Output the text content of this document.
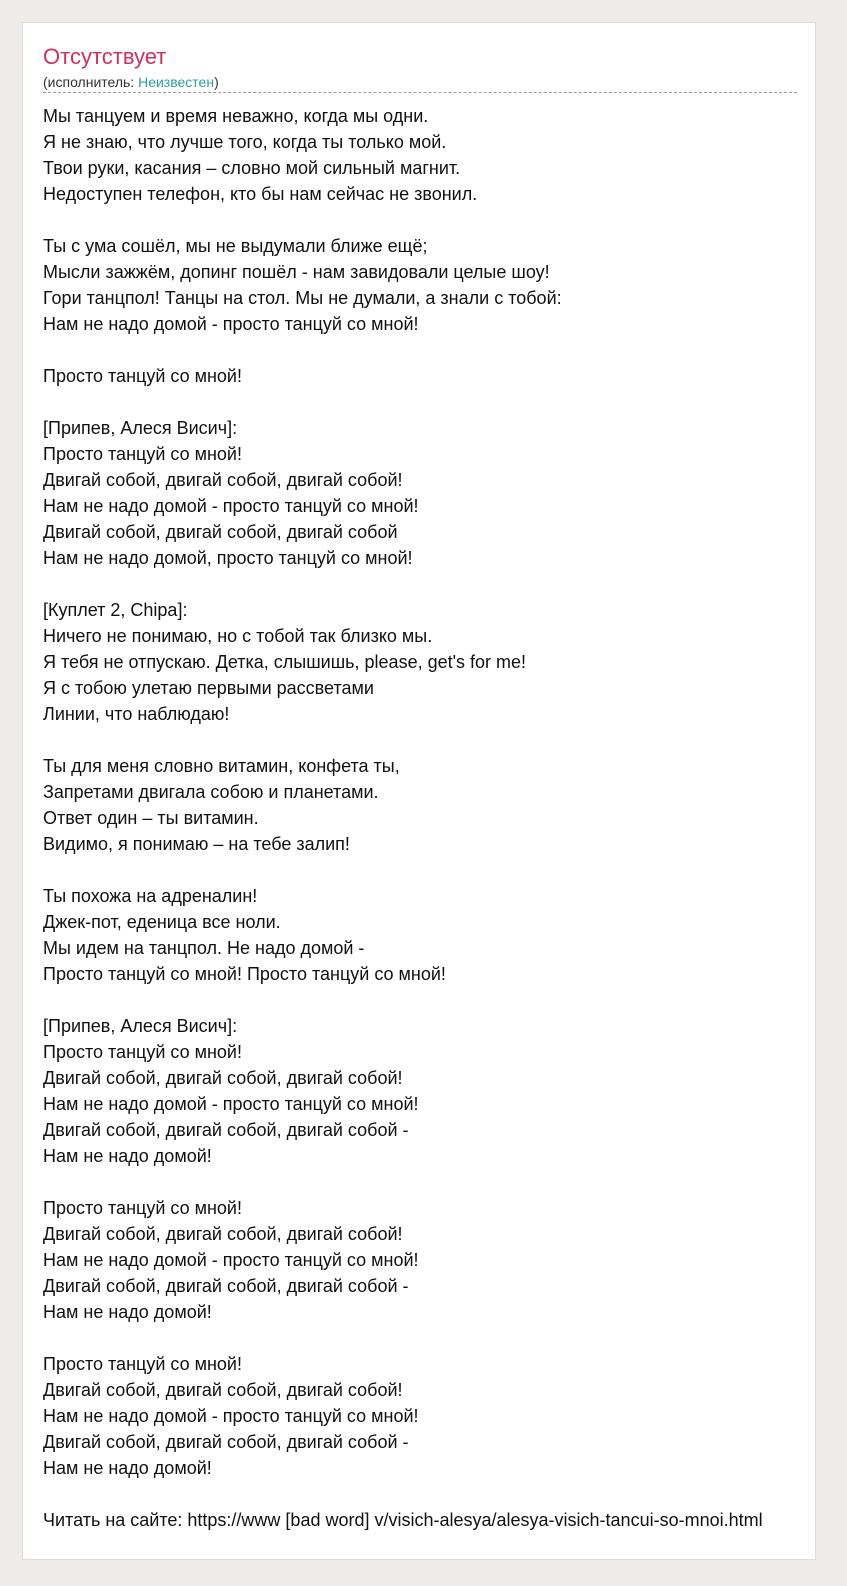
Отсутствует
(исполнитель: Неизвестен)
Мы танцуем и время неважно, когда мы одни.
Я не знаю, что лучше того, когда ты только мой.
Твои руки, касания – словно мой сильный магнит.
Недоступен телефон, кто бы нам сейчас не звонил.

Ты с ума сошёл, мы не выдумали ближе ещё;
Мысли зажжём, допинг пошёл - нам завидовали целые шоу!
Гори танцпол! Танцы на стол. Мы не думали, а знали с тобой:
Нам не надо домой - просто танцуй со мной!

Просто танцуй со мной!

[Припев, Алеся Висич]:
Просто танцуй со мной!
Двигай собой, двигай собой, двигай собой!
Нам не надо домой - просто танцуй со мной!
Двигай собой, двигай собой, двигай собой
Нам не надо домой, просто танцуй со мной!

[Куплет 2, Chipa]:
Ничего не понимаю, но с тобой так близко мы.
Я тебя не отпускаю. Детка, слышишь, please, get's for me!
Я с тобою улетаю первыми рассветами
Линии, что наблюдаю!

Ты для меня словно витамин, конфета ты,
Запретами двигала собою и планетами.
Ответ один – ты витамин.
Видимо, я понимаю – на тебе залип!

Ты похожа на адреналин!
Джек-пот, еденица все ноли.
Мы идем на танцпол. Не надо домой -
Просто танцуй со мной! Просто танцуй со мной!

[Припев, Алеся Висич]:
Просто танцуй со мной!
Двигай собой, двигай собой, двигай собой!
Нам не надо домой - просто танцуй со мной!
Двигай собой, двигай собой, двигай собой -
Нам не надо домой!

Просто танцуй со мной!
Двигай собой, двигай собой, двигай собой!
Нам не надо домой - просто танцуй со мной!
Двигай собой, двигай собой, двигай собой -
Нам не надо домой!

Просто танцуй со мной!
Двигай собой, двигай собой, двигай собой!
Нам не надо домой - просто танцуй со мной!
Двигай собой, двигай собой, двигай собой -
Нам не надо домой!

Читать на сайте: https://www [bad word] v/visich-alesya/alesya-visich-tancui-so-mnoi.html
